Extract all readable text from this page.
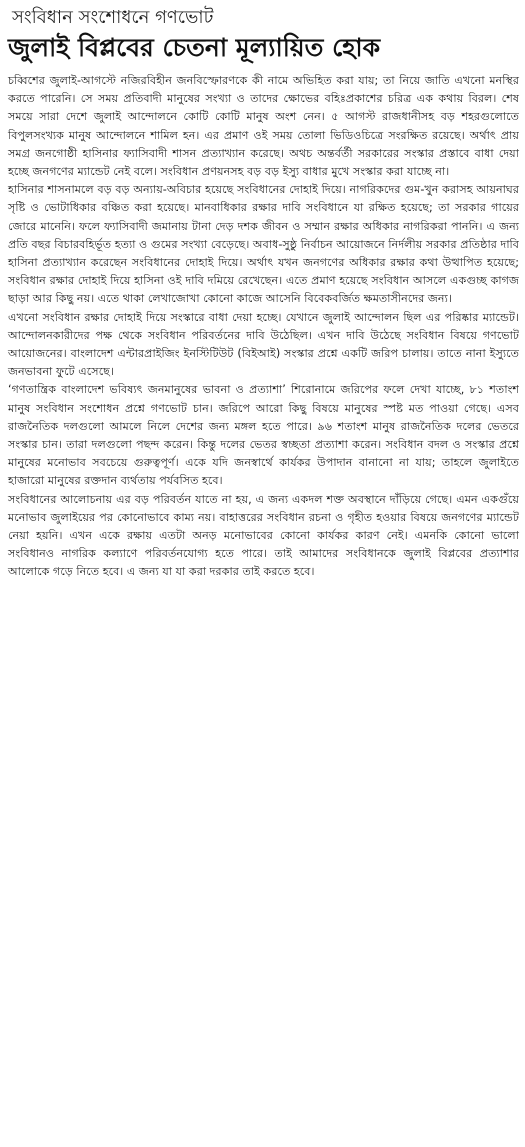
সংবিধান সংশোধনে গণভোট
জুলাই বিপ্লবের চেতনা মূল্যায়িত হোক

চব্বিশের জুলাই-আগস্টে নজিরবিহীন জনবিস্ফোরণকে কী নামে অভিহিত করা যায়; তা নিয়ে জাতি এখনো মনস্থির করতে পারেনি। সে সময় প্রতিবাদী মানুষের সংখ্যা ও তাদের ক্ষোভের বহিঃপ্রকাশের চরিত্র এক কথায় বিরল। শেষ সময়ে সারা দেশে জুলাই আন্দোলনে কোটি কোটি মানুষ অংশ নেন। ৫ আগস্ট রাজধানীসহ বড় শহরগুলোতে বিপুলসংখ্যক মানুষ আন্দোলনে শামিল হন। এর প্রমাণ ওই সময় তোলা ভিডিওচিত্রে সংরক্ষিত রয়েছে। অর্থাৎ প্রায় সমগ্র জনগোষ্ঠী হাসিনার ফ্যাসিবাদী শাসন প্রত্যাখ্যান করেছে। অথচ অন্তর্বর্তী সরকারের সংস্কার প্রস্তাবে বাধা দেয়া হচ্ছে জনগণের ম্যান্ডেট নেই বলে। সংবিধান প্রণয়নসহ বড় বড় ইস্যু বাধার মুখে সংস্কার করা যাচ্ছে না।

হাসিনার শাসনামলে বড় বড় অন্যায়-অবিচার হয়েছে সংবিধানের দোহাই দিয়ে। নাগরিকদের গুম-খুন করাসহ আয়নাঘর সৃষ্টি ও ভোটাধিকার বঞ্চিত করা হয়েছে। মানবাধিকার রক্ষার দাবি সংবিধানে যা রক্ষিত হয়েছে; তা সরকার গায়ের জোরে মানেনি। ফলে ফ্যাসিবাদী জমানায় টানা দেড় দশক জীবন ও সম্মান রক্ষার অধিকার নাগরিকরা পাননি। এ জন্য প্রতি বছর বিচারবহির্ভূত হত্যা ও গুমের সংখ্যা বেড়েছে। অবাধ-সুষ্ঠু নির্বাচন আয়োজনে নির্দলীয় সরকার প্রতিষ্ঠার দাবি হাসিনা প্রত্যাখ্যান করেছেন সংবিধানের দোহাই দিয়ে। অর্থাৎ যখন জনগণের অধিকার রক্ষার কথা উত্থাপিত হয়েছে; সংবিধান রক্ষার দোহাই দিয়ে হাসিনা ওই দাবি দমিয়ে রেখেছেন। এতে প্রমাণ হয়েছে সংবিধান আসলে একগুচ্ছ কাগজ ছাড়া আর কিছু নয়। এতে থাকা লেখাজোখা কোনো কাজে আসেনি বিবেকবর্জিত ক্ষমতাসীনদের জন্য।

এখনো সংবিধান রক্ষার দোহাই দিয়ে সংস্কারে বাধা দেয়া হচ্ছে। যেখানে জুলাই আন্দোলন ছিল এর পরিষ্কার ম্যান্ডেট। আন্দোলনকারীদের পক্ষ থেকে সংবিধান পরিবর্তনের দাবি উঠেছিল। এখন দাবি উঠেছে সংবিধান বিষয়ে গণভোট আয়োজনের। বাংলাদেশ এন্টারপ্রাইজিং ইনস্টিটিউট (বিইআই) সংস্কার প্রশ্নে একটি জরিপ চালায়। তাতে নানা ইস্যুতে জনভাবনা ফুটে এসেছে।

‘গণতান্ত্রিক বাংলাদেশ ভবিষ্যৎ জনমানুষের ভাবনা ও প্রত্যাশা’ শিরোনামে জরিপের ফলে দেখা যাচ্ছে, ৮১ শতাংশ মানুষ সংবিধান সংশোধন প্রশ্নে গণভোট চান। জরিপে আরো কিছু বিষয়ে মানুষের স্পষ্ট মত পাওয়া গেছে। এসব রাজনৈতিক দলগুলো আমলে নিলে দেশের জন্য মঙ্গল হতে পারে। ৯৬ শতাংশ মানুষ রাজনৈতিক দলের ভেতরে সংস্কার চান। তারা দলগুলো পছন্দ করেন। কিন্তু দলের ভেতর স্বচ্ছতা প্রত্যাশা করেন। সংবিধান বদল ও সংস্কার প্রশ্নে মানুষের মনোভাব সবচেয়ে গুরুত্বপূর্ণ। একে যদি জনস্বার্থে কার্যকর উপাদান বানানো না যায়; তাহলে জুলাইতে হাজারো মানুষের রক্তদান ব্যর্থতায় পর্যবসিত হবে।

সংবিধানের আলোচনায় এর বড় পরিবর্তন যাতে না হয়, এ জন্য একদল শক্ত অবস্থানে দাঁড়িয়ে গেছে। এমন একগুঁয়ে মনোভাব জুলাইয়ের পর কোনোভাবে কাম্য নয়। বাহাত্তরের সংবিধান রচনা ও গৃহীত হওয়ার বিষয়ে জনগণের ম্যান্ডেট নেয়া হয়নি। এখন একে রক্ষায় এতটা অনড় মনোভাবের কোনো কার্যকর কারণ নেই। এমনকি কোনো ভালো সংবিধানও নাগরিক কল্যাণে পরিবর্তনযোগ্য হতে পারে। তাই আমাদের সংবিধানকে জুলাই বিপ্লবের প্রত্যাশার আলোকে গড়ে নিতে হবে। এ জন্য যা যা করা দরকার তাই করতে হবে।
